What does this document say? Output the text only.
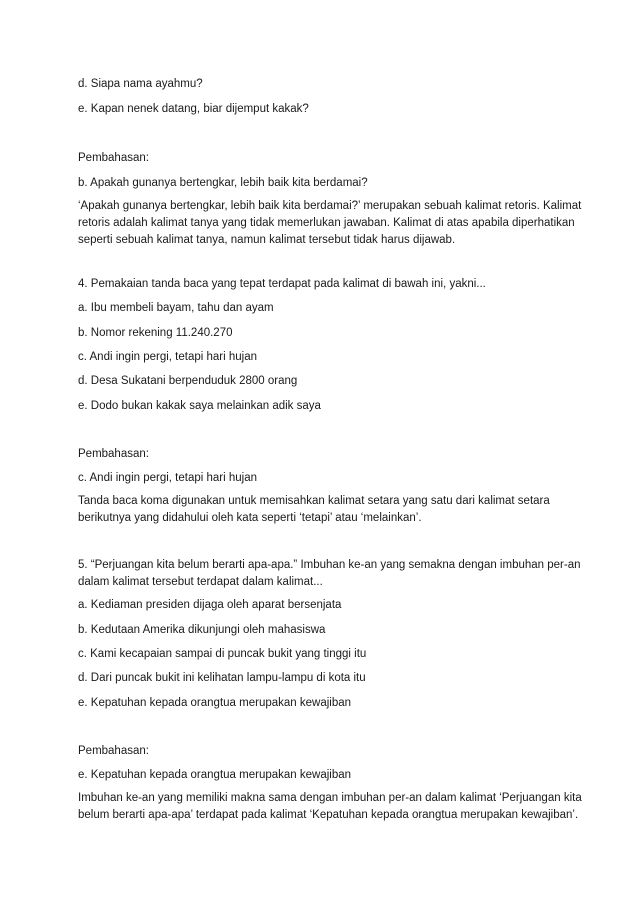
d. Siapa nama ayahmu?
e. Kapan nenek datang, biar dijemput kakak?
Pembahasan:
b. Apakah gunanya bertengkar, lebih baik kita berdamai?
‘Apakah gunanya bertengkar, lebih baik kita berdamai?’ merupakan sebuah kalimat retoris. Kalimat retoris adalah kalimat tanya yang tidak memerlukan jawaban. Kalimat di atas apabila diperhatikan seperti sebuah kalimat tanya, namun kalimat tersebut tidak harus dijawab.
4. Pemakaian tanda baca yang tepat terdapat pada kalimat di bawah ini, yakni...
a. Ibu membeli bayam, tahu dan ayam
b. Nomor rekening 11.240.270
c. Andi ingin pergi, tetapi hari hujan
d. Desa Sukatani berpenduduk 2800 orang
e. Dodo bukan kakak saya melainkan adik saya
Pembahasan:
c. Andi ingin pergi, tetapi hari hujan
Tanda baca koma digunakan untuk memisahkan kalimat setara yang satu dari kalimat setara berikutnya yang didahului oleh kata seperti ‘tetapi’ atau ‘melainkan’.
5. “Perjuangan kita belum berarti apa-apa.” Imbuhan ke-an yang semakna dengan imbuhan per-an dalam kalimat tersebut terdapat dalam kalimat...
a. Kediaman presiden dijaga oleh aparat bersenjata
b. Kedutaan Amerika dikunjungi oleh mahasiswa
c. Kami kecapaian sampai di puncak bukit yang tinggi itu
d. Dari puncak bukit ini kelihatan lampu-lampu di kota itu
e. Kepatuhan kepada orangtua merupakan kewajiban
Pembahasan:
e. Kepatuhan kepada orangtua merupakan kewajiban
Imbuhan ke-an yang memiliki makna sama dengan imbuhan per-an dalam kalimat ‘Perjuangan kita belum berarti apa-apa’ terdapat pada kalimat ‘Kepatuhan kepada orangtua merupakan kewajiban’.
